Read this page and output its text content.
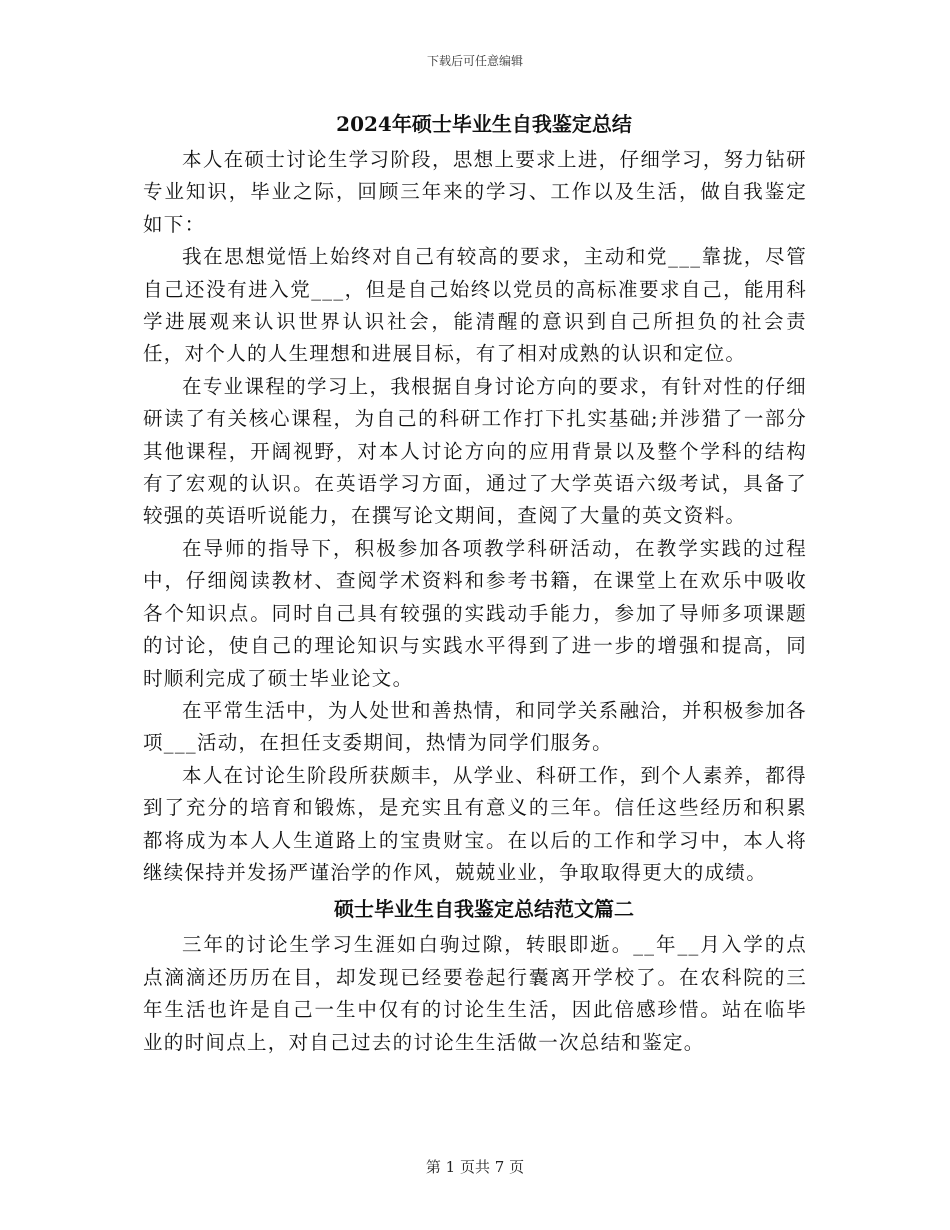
下载后可任意编辑
2024年硕士毕业生自我鉴定总结

本人在硕士讨论生学习阶段，思想上要求上进，仔细学习，努力钻研专业知识，毕业之际，回顾三年来的学习、工作以及生活，做自我鉴定如下：

我在思想觉悟上始终对自己有较高的要求，主动和党___靠拢，尽管自己还没有进入党___，但是自己始终以党员的高标准要求自己，能用科学进展观来认识世界认识社会，能清醒的意识到自己所担负的社会责任，对个人的人生理想和进展目标，有了相对成熟的认识和定位。

在专业课程的学习上，我根据自身讨论方向的要求，有针对性的仔细研读了有关核心课程，为自己的科研工作打下扎实基础;并涉猎了一部分其他课程，开阔视野，对本人讨论方向的应用背景以及整个学科的结构有了宏观的认识。在英语学习方面，通过了大学英语六级考试，具备了较强的英语听说能力，在撰写论文期间，查阅了大量的英文资料。

在导师的指导下，积极参加各项教学科研活动，在教学实践的过程中，仔细阅读教材、查阅学术资料和参考书籍，在课堂上在欢乐中吸收各个知识点。同时自己具有较强的实践动手能力，参加了导师多项课题的讨论，使自己的理论知识与实践水平得到了进一步的增强和提高，同时顺利完成了硕士毕业论文。

在平常生活中，为人处世和善热情，和同学关系融洽，并积极参加各项___活动，在担任支委期间，热情为同学们服务。

本人在讨论生阶段所获颇丰，从学业、科研工作，到个人素养，都得到了充分的培育和锻炼，是充实且有意义的三年。信任这些经历和积累都将成为本人人生道路上的宝贵财宝。在以后的工作和学习中，本人将继续保持并发扬严谨治学的作风，兢兢业业，争取取得更大的成绩。

硕士毕业生自我鉴定总结范文篇二

三年的讨论生学习生涯如白驹过隙，转眼即逝。__年__月入学的点点滴滴还历历在目，却发现已经要卷起行囊离开学校了。在农科院的三年生活也许是自己一生中仅有的讨论生生活，因此倍感珍惜。站在临毕业的时间点上，对自己过去的讨论生生活做一次总结和鉴定。

第 1 页共 7 页
